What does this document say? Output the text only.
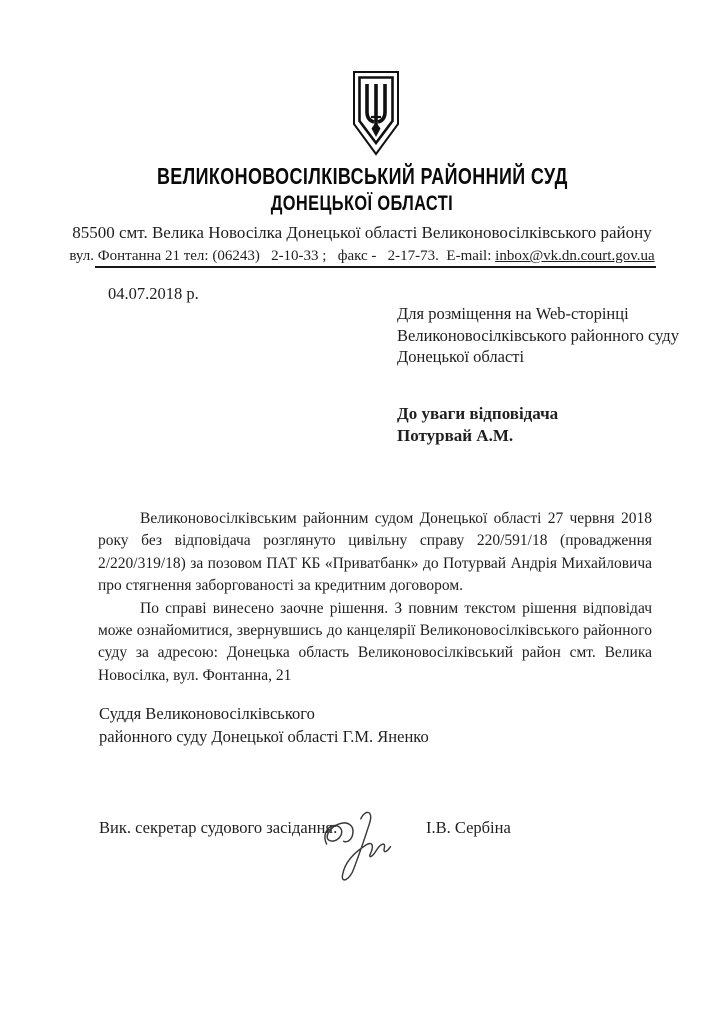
ВЕЛИКОНОВОСІЛКІВСЬКИЙ РАЙОННИЙ СУД
ДОНЕЦЬКОЇ ОБЛАСТІ
85500 смт. Велика Новосілка Донецької області Великоновосілківського району
вул. Фонтанна 21 тел: (06243)   2-10-33 ;   факс -   2-17-73.  E-mail: inbox@vk.dn.court.gov.ua
04.07.2018 р.
Для розміщення на Web-сторінці
Великоновосілківського районного суду
Донецької області
До уваги відповідача
Потурвай А.М.

Великоновосілківським районним судом Донецької області 27 червня 2018 року без відповідача розглянуто цивільну справу 220/591/18 (провадження 2/220/319/18) за позовом ПАТ КБ «Приватбанк» до Потурвай Андрія Михайловича про стягнення заборгованості за кредитним договором.

По справі винесено заочне рішення. З повним текстом рішення відповідач може ознайомитися, звернувшись до канцелярії Великоновосілківського районного суду за адресою: Донецька область Великоновосілківський район смт. Велика Новосілка, вул. Фонтанна, 21

Суддя Великоновосілківського
районного суду Донецької області Г.М. Яненко
Вик. секретар судового засідання:	І.В. Сербіна
